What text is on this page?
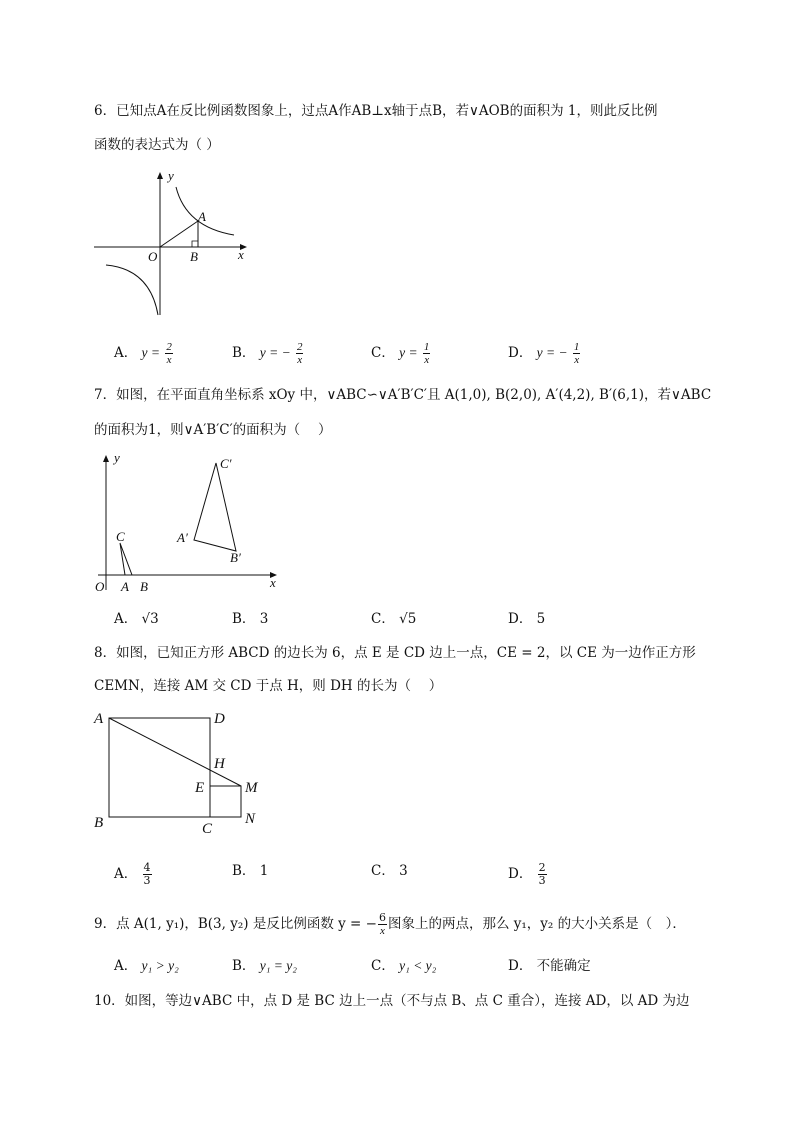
6．已知点A在反比例函数图象上，过点A作AB⊥x轴于点B，若∨AOB的面积为 1，则此反比例
函数的表达式为（ ）
y
x
O
A
B
A． $y = \frac{2}{x}$	B． y = − $\frac{2}{x}$	C． $y = \frac{1}{x}$	D． y = − $\frac{1}{x}$
7．如图，在平面直角坐标系 xOy 中，∨ABC∽∨A′B′C′且 A(1,0), B(2,0), A′(4,2), B′(6,1)，若∨ABC
的面积为1，则∨A′B′C′的面积为（　 ）
y
x
O A B
C	A′
B′
C′
A． √3	B． 3	C． √5	D． 5
8．如图，已知正方形 ABCD 的边长为 6，点 E 是 CD 边上一点，CE = 2，以 CE 为一边作正方形
CEMN，连接 AM 交 CD 于点 H，则 DH 的长为（　 ）
A	D
H
E	M
B	C
N
A． $\frac{4}{3}$	B． 1	C． 3	D． $\frac{2}{3}$
9．点 A(1, y₁)，B(3, y₂) 是反比例函数 y = − $\frac{6}{x}$ 图象上的两点，那么 y₁，y₂ 的大小关系是（　）．
A． y₁ > y₂	B． y₁ = y₂	C． y₁ < y₂	D． 不能确定
10．如图，等边∨ABC 中，点 D 是 BC 边上一点（不与点 B、点 C 重合），连接 AD，以 AD 为边
